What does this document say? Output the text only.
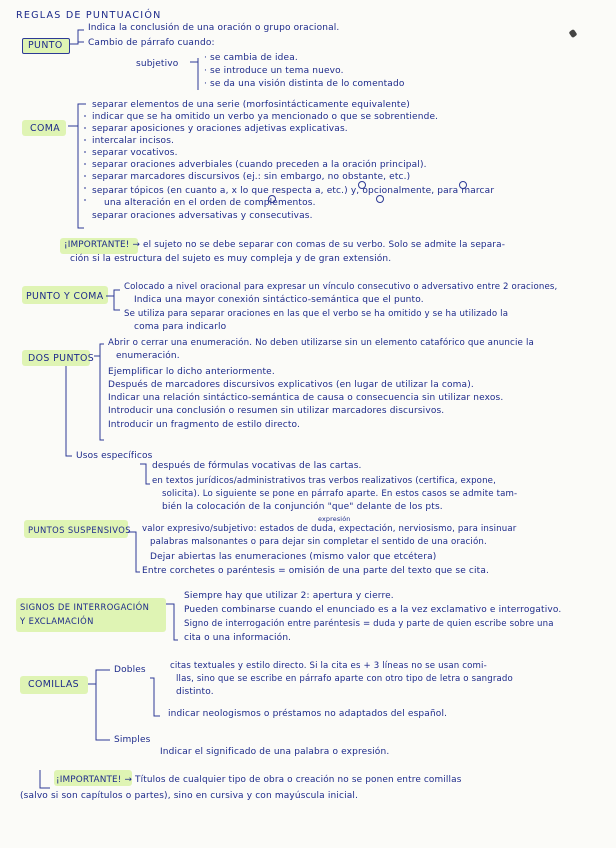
REGLAS DE PUNTUACIÓN
PUNTO
Indica la conclusión de una oración o grupo oracional.
Cambio de párrafo cuando:
subjetivo
· se cambia de idea.
· se introduce un tema nuevo.
· se da una visión distinta de lo comentado
COMA
separar elementos de una serie (morfosintácticamente equivalente)
indicar que se ha omitido un verbo ya mencionado o que se sobrentiende.
separar aposiciones y oraciones adjetivas explicativas.
intercalar incisos.
separar vocativos.
separar oraciones adverbiales (cuando preceden a la oración principal).
separar marcadores discursivos (ej.: sin embargo, no obstante, etc.)
separar tópicos (en cuanto a, x lo que respecta a, etc.) y, opcionalmente, para marcar
una alteración en el orden de complementos.
separar oraciones adversativas y consecutivas.
¡IMPORTANTE! → el sujeto no se debe separar con comas de su verbo. Solo se admite la separa-
ción si la estructura del sujeto es muy compleja y de gran extensión.
PUNTO Y COMA
Colocado a nivel oracional para expresar un vínculo consecutivo o adversativo entre 2 oraciones,
Indica una mayor conexión sintáctico-semántica que el punto.
Se utiliza para separar oraciones en las que el verbo se ha omitido y se ha utilizado la
coma para indicarlo
DOS PUNTOS
Abrir o cerrar una enumeración. No deben utilizarse sin un elemento catafórico que anuncie la
enumeración.
Ejemplificar lo dicho anteriormente.
Después de marcadores discursivos explicativos (en lugar de utilizar la coma).
Indicar una relación sintáctico-semántica de causa o consecuencia sin utilizar nexos.
Introducir una conclusión o resumen sin utilizar marcadores discursivos.
Introducir un fragmento de estilo directo.
Usos específicos
después de fórmulas vocativas de las cartas.
en textos jurídicos/administrativos tras verbos realizativos (certifica, expone,
solicita). Lo siguiente se pone en párrafo aparte. En estos casos se admite tam-
bién la colocación de la conjunción "que" delante de los pts.
PUNTOS SUSPENSIVOS
expresión
valor expresivo/subjetivo: estados de duda, expectación, nerviosismo, para insinuar
palabras malsonantes o para dejar sin completar el sentido de una oración.
Dejar abiertas las enumeraciones (mismo valor que etcétera)
Entre corchetes o paréntesis = omisión de una parte del texto que se cita.
SIGNOS DE INTERROGACIÓN
Y EXCLAMACIÓN
Siempre hay que utilizar 2: apertura y cierre.
Pueden combinarse cuando el enunciado es a la vez exclamativo e interrogativo.
Signo de interrogación entre paréntesis = duda y parte de quien escribe sobre una
cita o una información.
COMILLAS
Dobles	citas textuales y estilo directo. Si la cita es + 3 líneas no se usan comi-
llas, sino que se escribe en párrafo aparte con otro tipo de letra o sangrado
distinto.
indicar neologismos o préstamos no adaptados del español.
Simples
Indicar el significado de una palabra o expresión.
¡IMPORTANTE! → Títulos de cualquier tipo de obra o creación no se ponen entre comillas
(salvo si son capítulos o partes), sino en cursiva y con mayúscula inicial.
